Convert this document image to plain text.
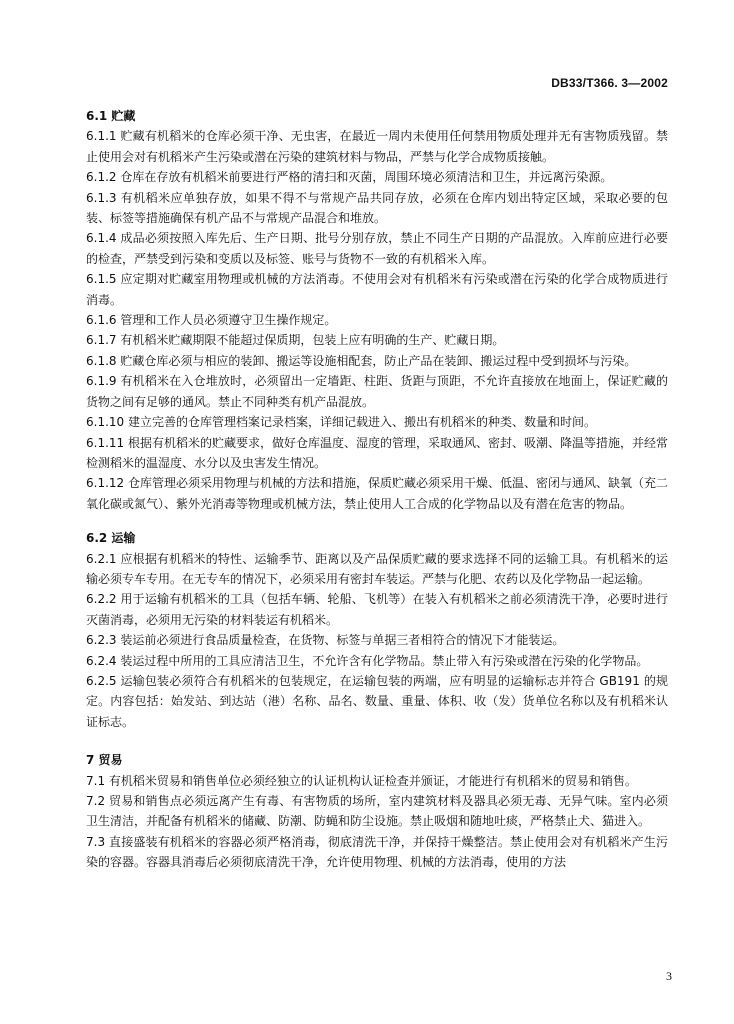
DB33/T366. 3—2002

6.1 贮藏

6.1.1 贮藏有机稻米的仓库必须干净、无虫害，在最近一周内未使用任何禁用物质处理并无有害物质残留。禁止使用会对有机稻米产生污染或潜在污染的建筑材料与物品，严禁与化学合成物质接触。

6.1.2 仓库在存放有机稻米前要进行严格的清扫和灭菌，周围环境必须清洁和卫生，并远离污染源。

6.1.3 有机稻米应单独存放，如果不得不与常规产品共同存放，必须在仓库内划出特定区域，采取必要的包装、标签等措施确保有机产品不与常规产品混合和堆放。

6.1.4 成品必须按照入库先后、生产日期、批号分别存放，禁止不同生产日期的产品混放。入库前应进行必要的检查，严禁受到污染和变质以及标签、账号与货物不一致的有机稻米入库。

6.1.5 应定期对贮藏室用物理或机械的方法消毒。不使用会对有机稻米有污染或潜在污染的化学合成物质进行消毒。

6.1.6 管理和工作人员必须遵守卫生操作规定。

6.1.7 有机稻米贮藏期限不能超过保质期，包装上应有明确的生产、贮藏日期。

6.1.8 贮藏仓库必须与相应的装卸、搬运等设施相配套，防止产品在装卸、搬运过程中受到损坏与污染。

6.1.9 有机稻米在入仓堆放时，必须留出一定墙距、柱距、货距与顶距，不允许直接放在地面上，保证贮藏的货物之间有足够的通风。禁止不同种类有机产品混放。

6.1.10 建立完善的仓库管理档案记录档案，详细记载进入、搬出有机稻米的种类、数量和时间。

6.1.11 根据有机稻米的贮藏要求，做好仓库温度、湿度的管理，采取通风、密封、吸潮、降温等措施，并经常检测稻米的温湿度、水分以及虫害发生情况。

6.1.12 仓库管理必须采用物理与机械的方法和措施，保质贮藏必须采用干燥、低温、密闭与通风、缺氧（充二氧化碳或氮气）、紫外光消毒等物理或机械方法，禁止使用人工合成的化学物品以及有潜在危害的物品。

6.2 运输

6.2.1 应根据有机稻米的特性、运输季节、距离以及产品保质贮藏的要求选择不同的运输工具。有机稻米的运输必须专车专用。在无专车的情况下，必须采用有密封车装运。严禁与化肥、农药以及化学物品一起运输。

6.2.2 用于运输有机稻米的工具（包括车辆、轮船、飞机等）在装入有机稻米之前必须清洗干净，必要时进行灭菌消毒，必须用无污染的材料装运有机稻米。

6.2.3 装运前必须进行食品质量检查，在货物、标签与单据三者相符合的情况下才能装运。

6.2.4 装运过程中所用的工具应清洁卫生，不允许含有化学物品。禁止带入有污染或潜在污染的化学物品。

6.2.5 运输包装必须符合有机稻米的包装规定，在运输包装的两端，应有明显的运输标志并符合 GB191 的规定。内容包括：始发站、到达站（港）名称、品名、数量、重量、体积、收（发）货单位名称以及有机稻米认证标志。

7 贸易

7.1 有机稻米贸易和销售单位必须经独立的认证机构认证检查并颁证，才能进行有机稻米的贸易和销售。

7.2 贸易和销售点必须远离产生有毒、有害物质的场所，室内建筑材料及器具必须无毒、无异气味。室内必须卫生清洁，并配备有机稻米的储藏、防潮、防蝇和防尘设施。禁止吸烟和随地吐痰，严格禁止犬、猫进入。

7.3 直接盛装有机稻米的容器必须严格消毒，彻底清洗干净，并保持干燥整洁。禁止使用会对有机稻米产生污染的容器。容器具消毒后必须彻底清洗干净，允许使用物理、机械的方法消毒，使用的方法

3
